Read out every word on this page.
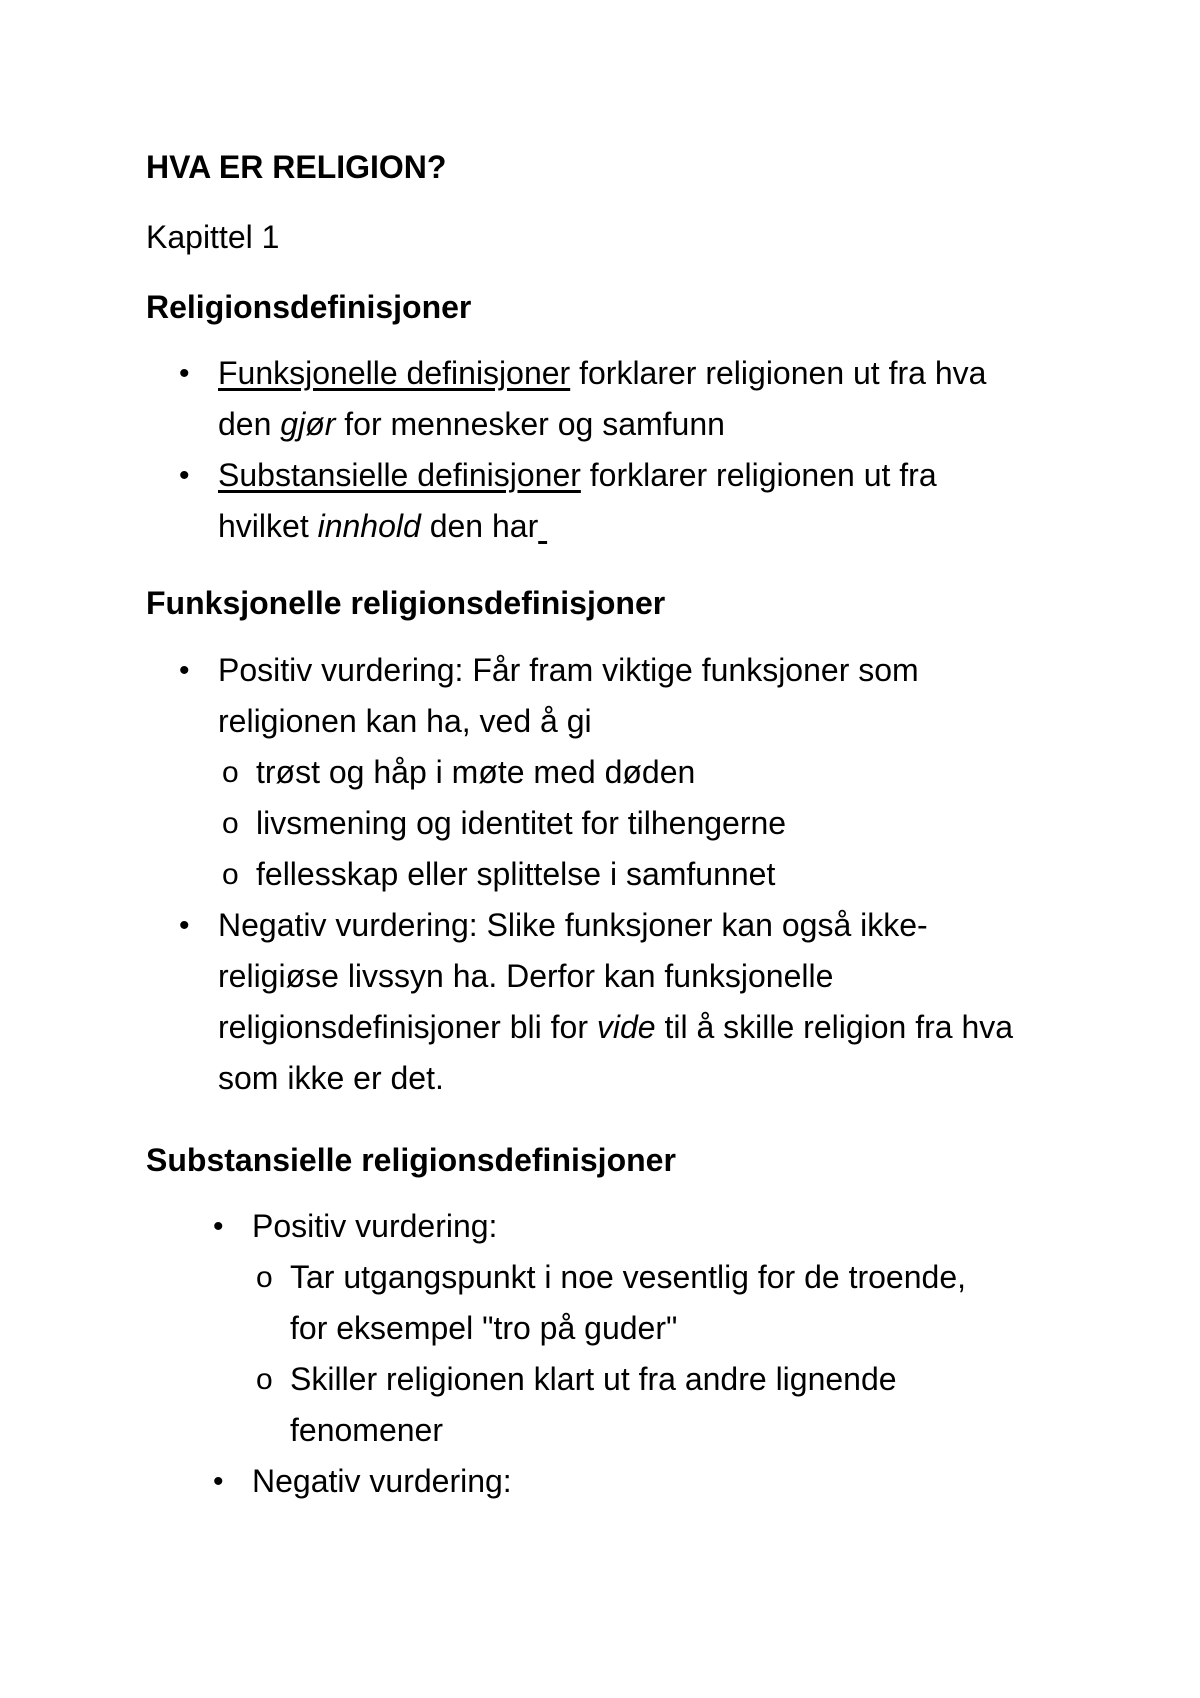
HVA ER RELIGION?

Kapittel 1

Religionsdefinisjoner

• Funksjonelle definisjoner forklarer religionen ut fra hva
den gjør for mennesker og samfunn
• Substansielle definisjoner forklarer religionen ut fra
hvilket innhold den har

Funksjonelle religionsdefinisjoner

• Positiv vurdering: Får fram viktige funksjoner som
religionen kan ha, ved å gi
o trøst og håp i møte med døden
o livsmening og identitet for tilhengerne
o fellesskap eller splittelse i samfunnet
• Negativ vurdering: Slike funksjoner kan også ikke-
religiøse livssyn ha. Derfor kan funksjonelle
religionsdefinisjoner bli for vide til å skille religion fra hva
som ikke er det.

Substansielle religionsdefinisjoner

• Positiv vurdering:
o Tar utgangspunkt i noe vesentlig for de troende,
for eksempel "tro på guder"
o Skiller religionen klart ut fra andre lignende
fenomener
• Negativ vurdering:
